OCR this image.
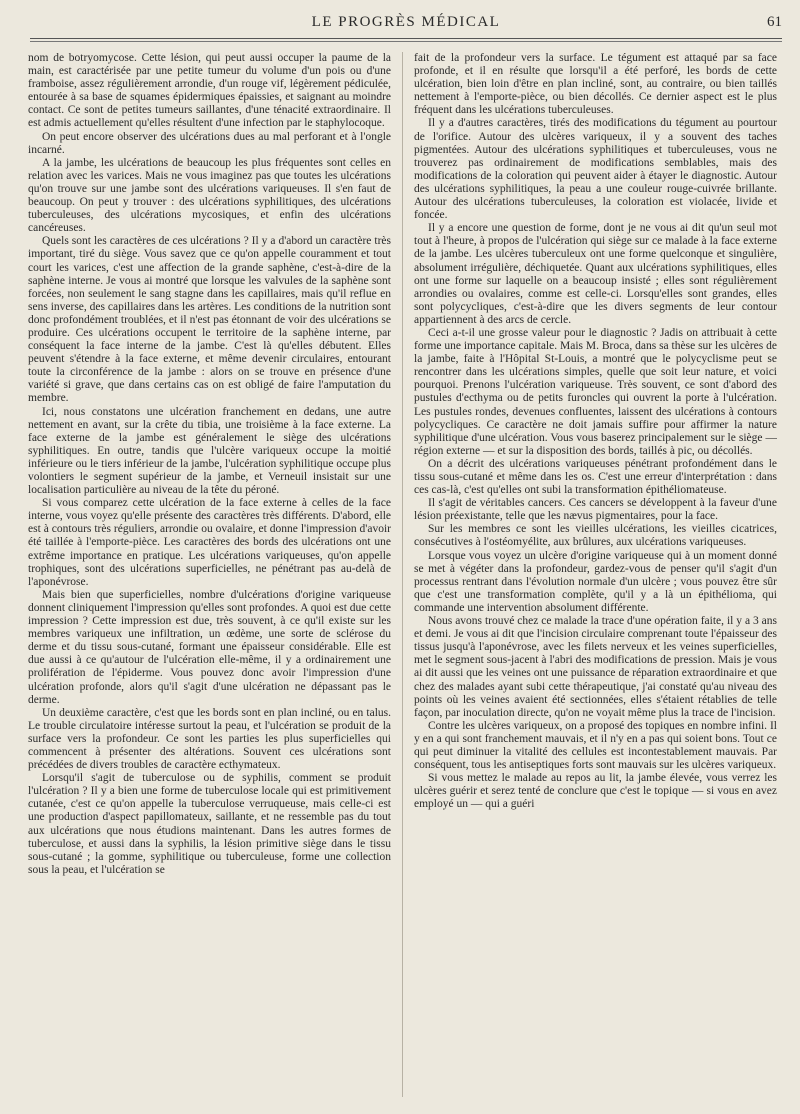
LE PROGRÈS MÉDICAL	61

nom de botryomycose. Cette lésion, qui peut aussi occuper la paume de la main, est caractérisée par une petite tumeur du volume d'un pois ou d'une framboise, assez régulièrement arrondie, d'un rouge vif, légèrement pédiculée, entourée à sa base de squames épidermiques épaissies, et saignant au moindre contact. Ce sont de petites tumeurs saillantes, d'une ténacité extraordinaire. Il est admis actuellement qu'elles résultent d'une infection par le staphylocoque.

On peut encore observer des ulcérations dues au mal perforant et à l'ongle incarné.

A la jambe, les ulcérations de beaucoup les plus fréquentes sont celles en relation avec les varices. Mais ne vous imaginez pas que toutes les ulcérations qu'on trouve sur une jambe sont des ulcérations variqueuses. Il s'en faut de beaucoup. On peut y trouver : des ulcérations syphilitiques, des ulcérations tuberculeuses, des ulcérations mycosiques, et enfin des ulcérations cancéreuses.

Quels sont les caractères de ces ulcérations ? Il y a d'abord un caractère très important, tiré du siège. Vous savez que ce qu'on appelle couramment et tout court les varices, c'est une affection de la grande saphène, c'est-à-dire de la saphène interne. Je vous ai montré que lorsque les valvules de la saphène sont forcées, non seulement le sang stagne dans les capillaires, mais qu'il reflue en sens inverse, des capillaires dans les artères. Les conditions de la nutrition sont donc profondément troublées, et il n'est pas étonnant de voir des ulcérations se produire. Ces ulcérations occupent le territoire de la saphène interne, par conséquent la face interne de la jambe. C'est là qu'elles débutent. Elles peuvent s'étendre à la face externe, et même devenir circulaires, entourant toute la circonférence de la jambe : alors on se trouve en présence d'une variété si grave, que dans certains cas on est obligé de faire l'amputation du membre.

Ici, nous constatons une ulcération franchement en dedans, une autre nettement en avant, sur la crête du tibia, une troisième à la face externe. La face externe de la jambe est généralement le siège des ulcérations syphilitiques. En outre, tandis que l'ulcère variqueux occupe la moitié inférieure ou le tiers inférieur de la jambe, l'ulcération syphilitique occupe plus volontiers le segment supérieur de la jambe, et Verneuil insistait sur une localisation particulière au niveau de la tête du péroné.

Si vous comparez cette ulcération de la face externe à celles de la face interne, vous voyez qu'elle présente des caractères très différents. D'abord, elle est à contours très réguliers, arrondie ou ovalaire, et donne l'impression d'avoir été taillée à l'emporte-pièce. Les caractères des bords des ulcérations ont une extrême importance en pratique. Les ulcérations variqueuses, qu'on appelle trophiques, sont des ulcérations superficielles, ne pénétrant pas au-delà de l'aponévrose.

Mais bien que superficielles, nombre d'ulcérations d'origine variqueuse donnent cliniquement l'impression qu'elles sont profondes. A quoi est due cette impression ? Cette impression est due, très souvent, à ce qu'il existe sur les membres variqueux une infiltration, un œdème, une sorte de sclérose du derme et du tissu sous-cutané, formant une épaisseur considérable. Elle est due aussi à ce qu'autour de l'ulcération elle-même, il y a ordinairement une prolifération de l'épiderme. Vous pouvez donc avoir l'impression d'une ulcération profonde, alors qu'il s'agit d'une ulcération ne dépassant pas le derme.

Un deuxième caractère, c'est que les bords sont en plan incliné, ou en talus. Le trouble circulatoire intéresse surtout la peau, et l'ulcération se produit de la surface vers la profondeur. Ce sont les parties les plus superficielles qui commencent à présenter des altérations. Souvent ces ulcérations sont précédées de divers troubles de caractère ecthymateux.

Lorsqu'il s'agit de tuberculose ou de syphilis, comment se produit l'ulcération ? Il y a bien une forme de tuberculose locale qui est primitivement cutanée, c'est ce qu'on appelle la tuberculose verruqueuse, mais celle-ci est une production d'aspect papillomateux, saillante, et ne ressemble pas du tout aux ulcérations que nous étudions maintenant. Dans les autres formes de tuberculose, et aussi dans la syphilis, la lésion primitive siège dans le tissu sous-cutané ; la gomme, syphilitique ou tuberculeuse, forme une collection sous la peau, et l'ulcération se

fait de la profondeur vers la surface. Le tégument est attaqué par sa face profonde, et il en résulte que lorsqu'il a été perforé, les bords de cette ulcération, bien loin d'être en plan incliné, sont, au contraire, ou bien taillés nettement à l'emporte-pièce, ou bien décollés. Ce dernier aspect est le plus fréquent dans les ulcérations tuberculeuses.

Il y a d'autres caractères, tirés des modifications du tégument au pourtour de l'orifice. Autour des ulcères variqueux, il y a souvent des taches pigmentées. Autour des ulcérations syphilitiques et tuberculeuses, vous ne trouverez pas ordinairement de modifications semblables, mais des modifications de la coloration qui peuvent aider à étayer le diagnostic. Autour des ulcérations syphilitiques, la peau a une couleur rouge-cuivrée brillante. Autour des ulcérations tuberculeuses, la coloration est violacée, livide et foncée.

Il y a encore une question de forme, dont je ne vous ai dit qu'un seul mot tout à l'heure, à propos de l'ulcération qui siège sur ce malade à la face externe de la jambe. Les ulcères tuberculeux ont une forme quelconque et singulière, absolument irrégulière, déchiquetée. Quant aux ulcérations syphilitiques, elles ont une forme sur laquelle on a beaucoup insisté ; elles sont régulièrement arrondies ou ovalaires, comme est celle-ci. Lorsqu'elles sont grandes, elles sont polycycliques, c'est-à-dire que les divers segments de leur contour appartiennent à des arcs de cercle.

Ceci a-t-il une grosse valeur pour le diagnostic ? Jadis on attribuait à cette forme une importance capitale. Mais M. Broca, dans sa thèse sur les ulcères de la jambe, faite à l'Hôpital St-Louis, a montré que le polycyclisme peut se rencontrer dans les ulcérations simples, quelle que soit leur nature, et voici pourquoi. Prenons l'ulcération variqueuse. Très souvent, ce sont d'abord des pustules d'ecthyma ou de petits furoncles qui ouvrent la porte à l'ulcération. Les pustules rondes, devenues confluentes, laissent des ulcérations à contours polycycliques. Ce caractère ne doit jamais suffire pour affirmer la nature syphilitique d'une ulcération. Vous vous baserez principalement sur le siège — région externe — et sur la disposition des bords, taillés à pic, ou décollés.

On a décrit des ulcérations variqueuses pénétrant profondément dans le tissu sous-cutané et même dans les os. C'est une erreur d'interprétation : dans ces cas-là, c'est qu'elles ont subi la transformation épithéliomateuse.

Il s'agit de véritables cancers. Ces cancers se développent à la faveur d'une lésion préexistante, telle que les nævus pigmentaires, pour la face.

Sur les membres ce sont les vieilles ulcérations, les vieilles cicatrices, consécutives à l'ostéomyélite, aux brûlures, aux ulcérations variqueuses.

Lorsque vous voyez un ulcère d'origine variqueuse qui à un moment donné se met à végéter dans la profondeur, gardez-vous de penser qu'il s'agit d'un processus rentrant dans l'évolution normale d'un ulcère ; vous pouvez être sûr que c'est une transformation complète, qu'il y a là un épithélioma, qui commande une intervention absolument différente.

Nous avons trouvé chez ce malade la trace d'une opération faite, il y a 3 ans et demi. Je vous ai dit que l'incision circulaire comprenant toute l'épaisseur des tissus jusqu'à l'aponévrose, avec les filets nerveux et les veines superficielles, met le segment sous-jacent à l'abri des modifications de pression. Mais je vous ai dit aussi que les veines ont une puissance de réparation extraordinaire et que chez des malades ayant subi cette thérapeutique, j'ai constaté qu'au niveau des points où les veines avaient été sectionnées, elles s'étaient rétablies de telle façon, par inoculation directe, qu'on ne voyait même plus la trace de l'incision.

Contre les ulcères variqueux, on a proposé des topiques en nombre infini. Il y en a qui sont franchement mauvais, et il n'y en a pas qui soient bons. Tout ce qui peut diminuer la vitalité des cellules est incontestablement mauvais. Par conséquent, tous les antiseptiques forts sont mauvais sur les ulcères variqueux.

Si vous mettez le malade au repos au lit, la jambe élevée, vous verrez les ulcères guérir et serez tenté de conclure que c'est le topique — si vous en avez employé un — qui a guéri
